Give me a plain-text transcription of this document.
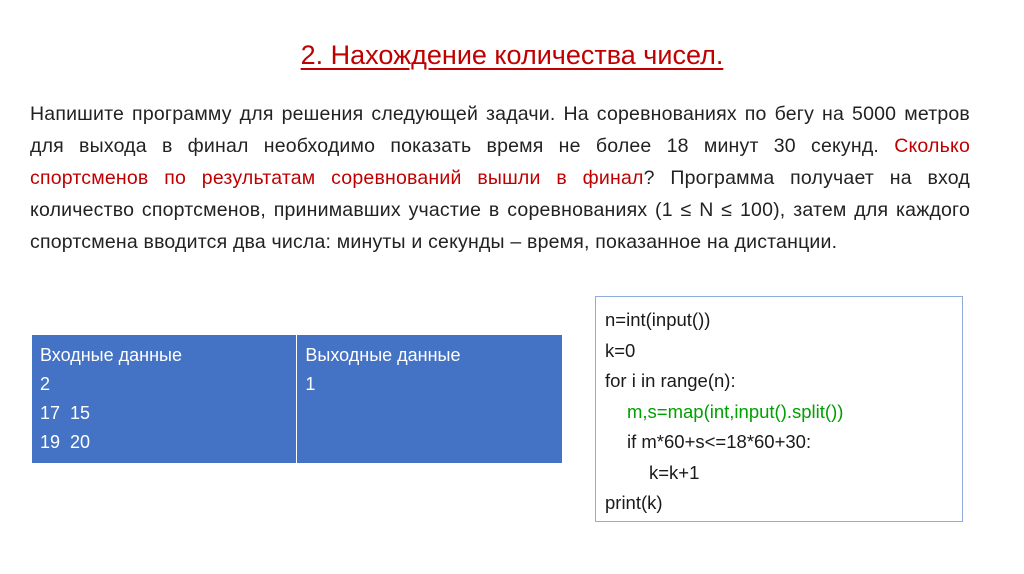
2. Нахождение количества чисел.
Напишите программу для решения следующей задачи. На соревнованиях по бегу на 5000 метров для выхода в финал необходимо показать время не более 18 минут 30 секунд. Сколько спортсменов по результатам соревнований вышли в финал? Программа получает на вход количество спортсменов, принимавших участие в соревнованиях (1 ≤ N ≤ 100), затем для каждого спортсмена вводится два числа: минуты и секунды – время, показанное на дистанции.
Входные данные
2
17  15
19  20

Выходные данные
1
n=int(input())
k=0
for i in range(n):
m,s=map(int,input().split())
if m*60+s<=18*60+30:
k=k+1
print(k)
